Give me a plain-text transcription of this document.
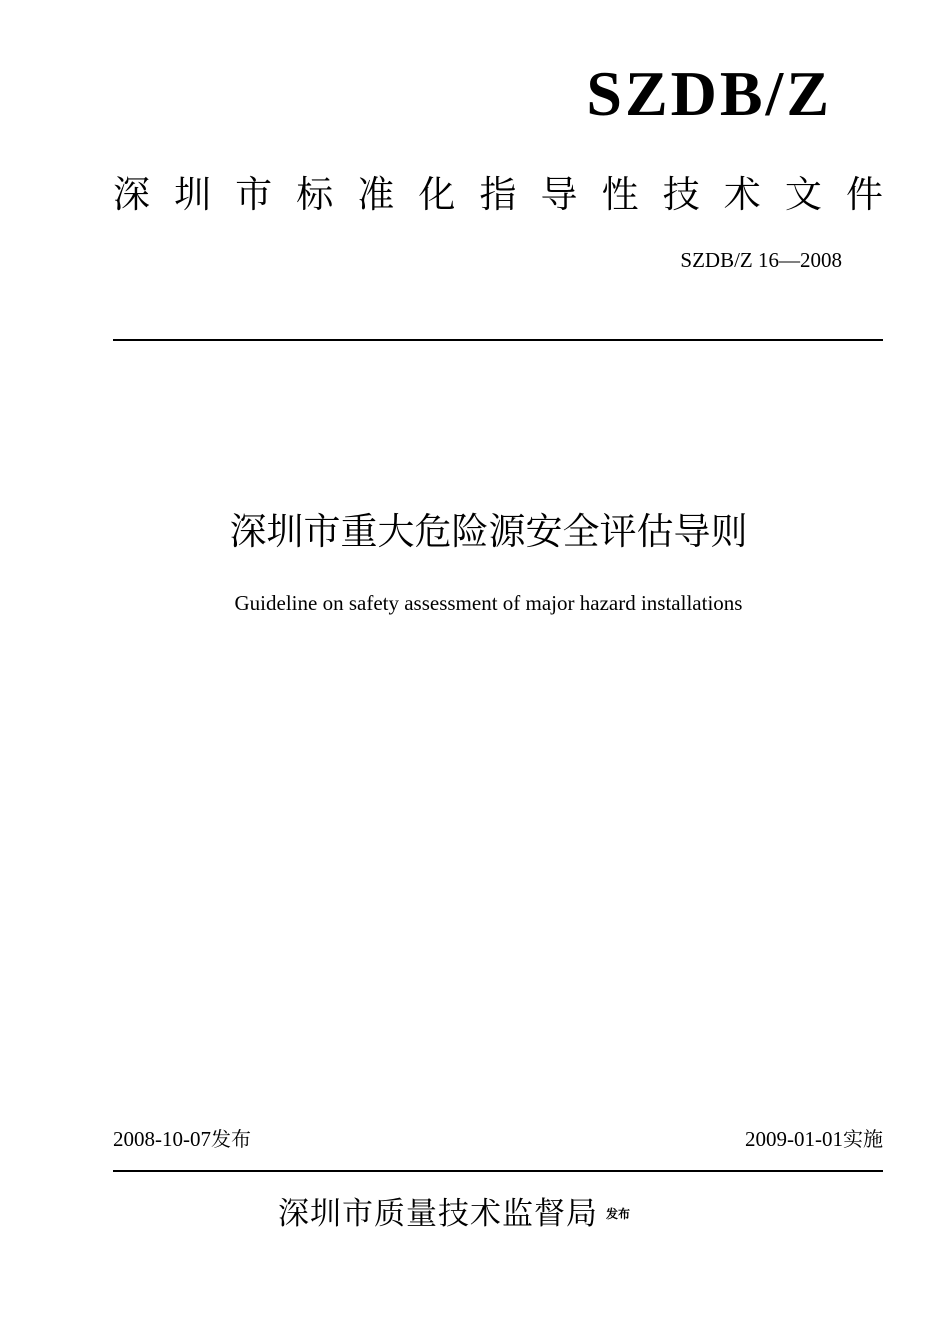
SZDB/Z
深 圳 市 标 准 化 指 导 性 技 术 文 件
SZDB/Z 16—2008
深圳市重大危险源安全评估导则
Guideline on safety assessment of major hazard installations
2008-10-07发布	2009-01-01实施
深圳市质量技术监督局 $^{发布}$
